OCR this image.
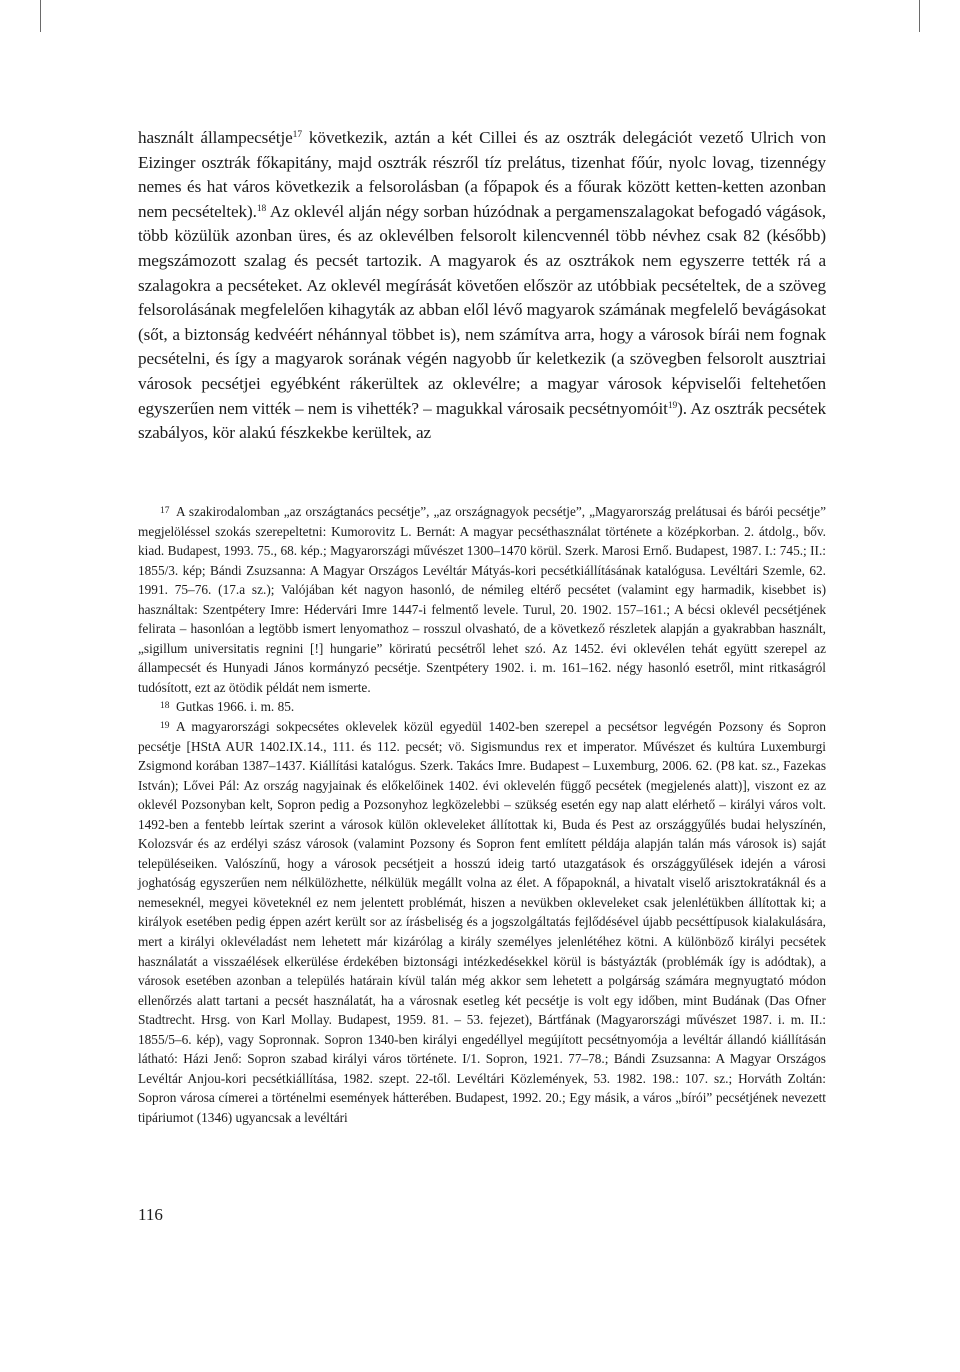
használt állampecsétje$^{17}$ következik, aztán a két Cillei és az osztrák delegációt vezető Ulrich von Eizinger osztrák főkapitány, majd osztrák részről tíz prelátus, tizenhat főúr, nyolc lovag, tizennégy nemes és hat város következik a felsorolásban (a főpapok és a főurak között ketten-ketten azonban nem pecsételtek).$^{18}$ Az oklevél alján négy sorban húzódnak a pergamenszalagokat befogadó vágások, több közülük azonban üres, és az oklevélben felsorolt kilencvennél több névhez csak 82 (később) megszámozott szalag és pecsét tartozik. A magyarok és az osztrákok nem egyszerre tették rá a szalagokra a pecséteket. Az oklevél megírását követően először az utóbbiak pecsételtek, de a szöveg felsorolásának megfelelően kihagyták az abban elől lévő magyarok számának megfelelő bevágásokat (sőt, a biztonság kedvéért néhánnyal többet is), nem számítva arra, hogy a városok bírái nem fognak pecsételni, és így a magyarok sorának végén nagyobb űr keletkezik (a szövegben felsorolt ausztriai városok pecsétjei egyébként rákerültek az oklevélre; a magyar városok képviselői feltehetően egyszerűen nem vitték – nem is vihették? – magukkal városaik pecsétnyomóit$^{19}$). Az osztrák pecsétek szabályos, kör alakú fészkekbe kerültek, az

17 A szakirodalomban „az országtanács pecsétje”, „az országnagyok pecsétje”, „Magyarország prelátusai és bárói pecsétje” megjelöléssel szokás szerepeltetni: Kumorovitz L. Bernát: A magyar pecséthasználat története a középkorban. 2. átdolg., bőv. kiad. Budapest, 1993. 75., 68. kép.; Magyarországi művészet 1300–1470 körül. Szerk. Marosi Ernő. Budapest, 1987. I.: 745.; II.: 1855/3. kép; Bándi Zsuzsanna: A Magyar Országos Levéltár Mátyás-kori pecsétkiállításának katalógusa. Levéltári Szemle, 62. 1991. 75–76. (17.a sz.); Valójában két nagyon hasonló, de némileg eltérő pecsétet (valamint egy harmadik, kisebbet is) használtak: Szentpétery Imre: Hédervári Imre 1447-i felmentő levele. Turul, 20. 1902. 157–161.; A bécsi oklevél pecsétjének felirata – hasonlóan a legtöbb ismert lenyomathoz – rosszul olvasható, de a következő részletek alapján a gyakrabban használt, „sigillum universitatis regnini [!] hungarie” köriratú pecsétről lehet szó. Az 1452. évi oklevélen tehát együtt szerepel az állampecsét és Hunyadi János kormányzó pecsétje. Szentpétery 1902. i. m. 161–162. négy hasonló esetről, mint ritkaságról tudósított, ezt az ötödik példát nem ismerte.

18 Gutkas 1966. i. m. 85.

19 A magyarországi sokpecsétes oklevelek közül egyedül 1402-ben szerepel a pecsétsor legvégén Pozsony és Sopron pecsétje [HStA AUR 1402.IX.14., 111. és 112. pecsét; vö. Sigismundus rex et imperator. Művészet és kultúra Luxemburgi Zsigmond korában 1387–1437. Kiállítási katalógus. Szerk. Takács Imre. Budapest – Luxemburg, 2006. 62. (P8 kat. sz., Fazekas István); Lővei Pál: Az ország nagyjainak és előkelőinek 1402. évi oklevelén függő pecsétek (megjelenés alatt)], viszont ez az oklevél Pozsonyban kelt, Sopron pedig a Pozsonyhoz legközelebbi – szükség esetén egy nap alatt elérhető – királyi város volt. 1492-ben a fentebb leírtak szerint a városok külön okleveleket állítottak ki, Buda és Pest az országgyűlés budai helyszínén, Kolozsvár és az erdélyi szász városok (valamint Pozsony és Sopron fent említett példája alapján talán más városok is) saját településeiken. Valószínű, hogy a városok pecsétjeit a hosszú ideig tartó utazgatások és országgyűlések idején a városi joghatóság egyszerűen nem nélkülözhette, nélkülük megállt volna az élet. A főpapoknál, a hivatalt viselő arisztokratáknál és a nemeseknél, megyei követeknél ez nem jelentett problémát, hiszen a nevükben okleveleket csak jelenlétükben állítottak ki; a királyok esetében pedig éppen azért került sor az írásbeliség és a jogszolgáltatás fejlődésével újabb pecséttípusok kialakulására, mert a királyi oklevéladást nem lehetett már kizárólag a király személyes jelenlétéhez kötni. A különböző királyi pecsétek használatát a visszaélések elkerülése érdekében biztonsági intézkedésekkel körül is bástyázták (problémák így is adódtak), a városok esetében azonban a település határain kívül talán még akkor sem lehetett a polgárság számára megnyugtató módon ellenőrzés alatt tartani a pecsét használatát, ha a városnak esetleg két pecsétje is volt egy időben, mint Budának (Das Ofner Stadtrecht. Hrsg. von Karl Mollay. Budapest, 1959. 81. – 53. fejezet), Bártfának (Magyarországi művészet 1987. i. m. II.: 1855/5–6. kép), vagy Sopronnak. Sopron 1340-ben királyi engedéllyel megújított pecsétnyomója a levéltár állandó kiállításán látható: Házi Jenő: Sopron szabad királyi város története. I/1. Sopron, 1921. 77–78.; Bándi Zsuzsanna: A Magyar Országos Levéltár Anjou-kori pecsétkiállítása, 1982. szept. 22-től. Levéltári Közlemények, 53. 1982. 198.: 107. sz.; Horváth Zoltán: Sopron városa címerei a történelmi események hátterében. Budapest, 1992. 20.; Egy másik, a város „bírói” pecsétjének nevezett tipáriumot (1346) ugyancsak a levéltári

116
